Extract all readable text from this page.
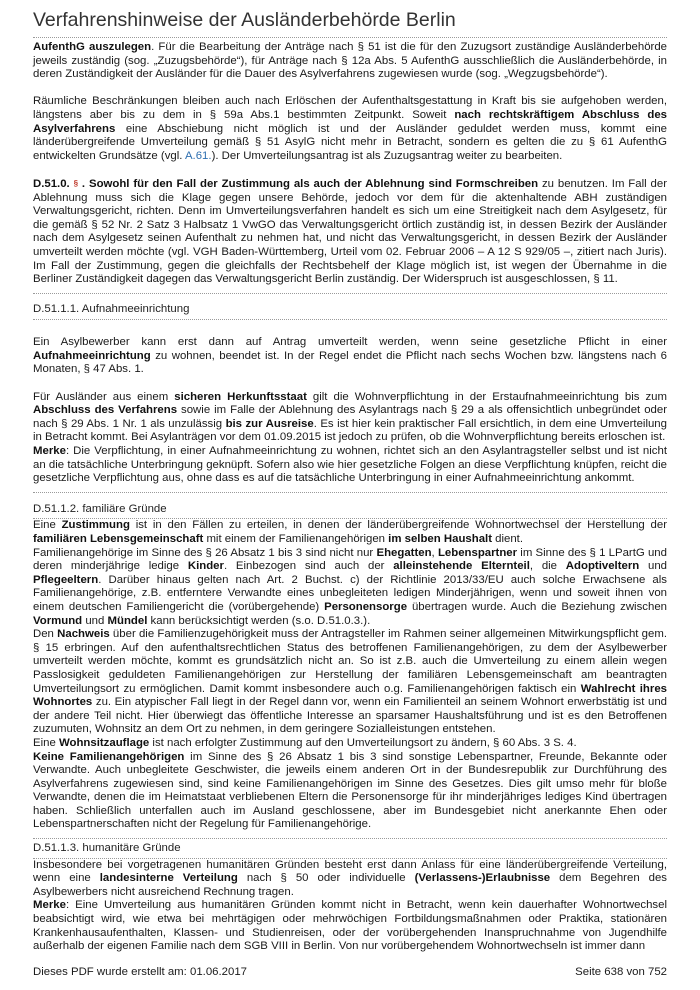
Verfahrenshinweise der Ausländerbehörde Berlin

AufenthG auszulegen. Für die Bearbeitung der Anträge nach § 51 ist die für den Zuzugsort zuständige Ausländerbehörde jeweils zuständig (sog. „Zuzugsbehörde“), für Anträge nach § 12a Abs. 5 AufenthG ausschließlich die Ausländerbehörde, in deren Zuständigkeit der Ausländer für die Dauer des Asylverfahrens zugewiesen wurde (sog. „Wegzugsbehörde“).

Räumliche Beschränkungen bleiben auch nach Erlöschen der Aufenthaltsgestattung in Kraft bis sie aufgehoben werden, längstens aber bis zu dem in § 59a Abs.1 bestimmten Zeitpunkt. Soweit nach rechtskräftigem Abschluss des Asylverfahrens eine Abschiebung nicht möglich ist und der Ausländer geduldet werden muss, kommt eine länderübergreifende Umverteilung gemäß § 51 AsylG nicht mehr in Betracht, sondern es gelten die zu § 61 AufenthG entwickelten Grundsätze (vgl. A.61.). Der Umverteilungsantrag ist als Zuzugsantrag weiter zu bearbeiten.

D.51.0. § . Sowohl für den Fall der Zustimmung als auch der Ablehnung sind Formschreiben zu benutzen. Im Fall der Ablehnung muss sich die Klage gegen unsere Behörde, jedoch vor dem für die aktenhaltende ABH zuständigen Verwaltungsgericht, richten. Denn im Umverteilungsverfahren handelt es sich um eine Streitigkeit nach dem Asylgesetz, für die gemäß § 52 Nr. 2 Satz 3 Halbsatz 1 VwGO das Verwaltungsgericht örtlich zuständig ist, in dessen Bezirk der Ausländer nach dem Asylgesetz seinen Aufenthalt zu nehmen hat, und nicht das Verwaltungsgericht, in dessen Bezirk der Ausländer umverteilt werden möchte (vgl. VGH Baden-Württemberg, Urteil vom 02. Februar 2006 – A 12 S 929/05 –, zitiert nach Juris). Im Fall der Zustimmung, gegen die gleichfalls der Rechtsbehelf der Klage möglich ist, ist wegen der Übernahme in die Berliner Zuständigkeit dagegen das Verwaltungsgericht Berlin zuständig. Der Widerspruch ist ausgeschlossen, § 11.

D.51.1.1. Aufnahmeeinrichtung

Ein Asylbewerber kann erst dann auf Antrag umverteilt werden, wenn seine gesetzliche Pflicht in einer Aufnahmeeinrichtung zu wohnen, beendet ist. In der Regel endet die Pflicht nach sechs Wochen bzw. längstens nach 6 Monaten, § 47 Abs. 1.

Für Ausländer aus einem sicheren Herkunftsstaat gilt die Wohnverpflichtung in der Erstaufnahmeeinrichtung bis zum Abschluss des Verfahrens sowie im Falle der Ablehnung des Asylantrags nach § 29 a als offensichtlich unbegründet oder nach § 29 Abs. 1 Nr. 1 als unzulässig bis zur Ausreise. Es ist hier kein praktischer Fall ersichtlich, in dem eine Umverteilung in Betracht kommt. Bei Asylanträgen vor dem 01.09.2015 ist jedoch zu prüfen, ob die Wohnverpflichtung bereits erloschen ist.

Merke: Die Verpflichtung, in einer Aufnahmeeinrichtung zu wohnen, richtet sich an den Asylantragsteller selbst und ist nicht an die tatsächliche Unterbringung geknüpft. Sofern also wie hier gesetzliche Folgen an diese Verpflichtung knüpfen, reicht die gesetzliche Verpflichtung aus, ohne dass es auf die tatsächliche Unterbringung in einer Aufnahmeeinrichtung ankommt.

D.51.1.2. familiäre Gründe

Eine Zustimmung ist in den Fällen zu erteilen, in denen der länderübergreifende Wohnortwechsel der Herstellung der familiären Lebensgemeinschaft mit einem der Familienangehörigen im selben Haushalt dient.

Familienangehörige im Sinne des § 26 Absatz 1 bis 3 sind nicht nur Ehegatten, Lebenspartner im Sinne des § 1 LPartG und deren minderjährige ledige Kinder. Einbezogen sind auch der alleinstehende Elternteil, die Adoptiveltern und Pflegeeltern. Darüber hinaus gelten nach Art. 2 Buchst. c) der Richtlinie 2013/33/EU auch solche Erwachsene als Familienangehörige, z.B. entferntere Verwandte eines unbegleiteten ledigen Minderjährigen, wenn und soweit ihnen von einem deutschen Familiengericht die (vorübergehende) Personensorge übertragen wurde. Auch die Beziehung zwischen Vormund und Mündel kann berücksichtigt werden (s.o. D.51.0.3.).

Den Nachweis über die Familienzugehörigkeit muss der Antragsteller im Rahmen seiner allgemeinen Mitwirkungspflicht gem. § 15 erbringen. Auf den aufenthaltsrechtlichen Status des betroffenen Familienangehörigen, zu dem der Asylbewerber umverteilt werden möchte, kommt es grundsätzlich nicht an. So ist z.B. auch die Umverteilung zu einem allein wegen Passlosigkeit geduldeten Familienangehörigen zur Herstellung der familiären Lebensgemeinschaft am beantragten Umverteilungsort zu ermöglichen. Damit kommt insbesondere auch o.g. Familienangehörigen faktisch ein Wahlrecht ihres Wohnortes zu. Ein atypischer Fall liegt in der Regel dann vor, wenn ein Familienteil an seinem Wohnort erwerbstätig ist und der andere Teil nicht. Hier überwiegt das öffentliche Interesse an sparsamer Haushaltsführung und ist es den Betroffenen zuzumuten, Wohnsitz an dem Ort zu nehmen, in dem geringere Sozialleistungen entstehen.

Eine Wohnsitzauflage ist nach erfolgter Zustimmung auf den Umverteilungsort zu ändern, § 60 Abs. 3 S. 4.

Keine Familienangehörigen im Sinne des § 26 Absatz 1 bis 3 sind sonstige Lebenspartner, Freunde, Bekannte oder Verwandte. Auch unbegleitete Geschwister, die jeweils einem anderen Ort in der Bundesrepublik zur Durchführung des Asylverfahrens zugewiesen sind, sind keine Familienangehörigen im Sinne des Gesetzes. Dies gilt umso mehr für bloße Verwandte, denen die im Heimatstaat verbliebenen Eltern die Personensorge für ihr minderjähriges lediges Kind übertragen haben. Schließlich unterfallen auch im Ausland geschlossene, aber im Bundesgebiet nicht anerkannte Ehen oder Lebenspartnerschaften nicht der Regelung für Familienangehörige.

D.51.1.3. humanitäre Gründe

Insbesondere bei vorgetragenen humanitären Gründen besteht erst dann Anlass für eine länderübergreifende Verteilung, wenn eine landesinterne Verteilung nach § 50 oder individuelle (Verlassens-)Erlaubnisse dem Begehren des Asylbewerbers nicht ausreichend Rechnung tragen.

Merke: Eine Umverteilung aus humanitären Gründen kommt nicht in Betracht, wenn kein dauerhafter Wohnortwechsel beabsichtigt wird, wie etwa bei mehrtägigen oder mehrwöchigen Fortbildungsmaßnahmen oder Praktika, stationären Krankenhausaufenthalten, Klassen- und Studienreisen, oder der vorübergehenden Inanspruchnahme von Jugendhilfe außerhalb der eigenen Familie nach dem SGB VIII in Berlin. Von nur vorübergehendem Wohnortwechseln ist immer dann

Dieses PDF wurde erstellt am: 01.06.2017	Seite 638 von 752
